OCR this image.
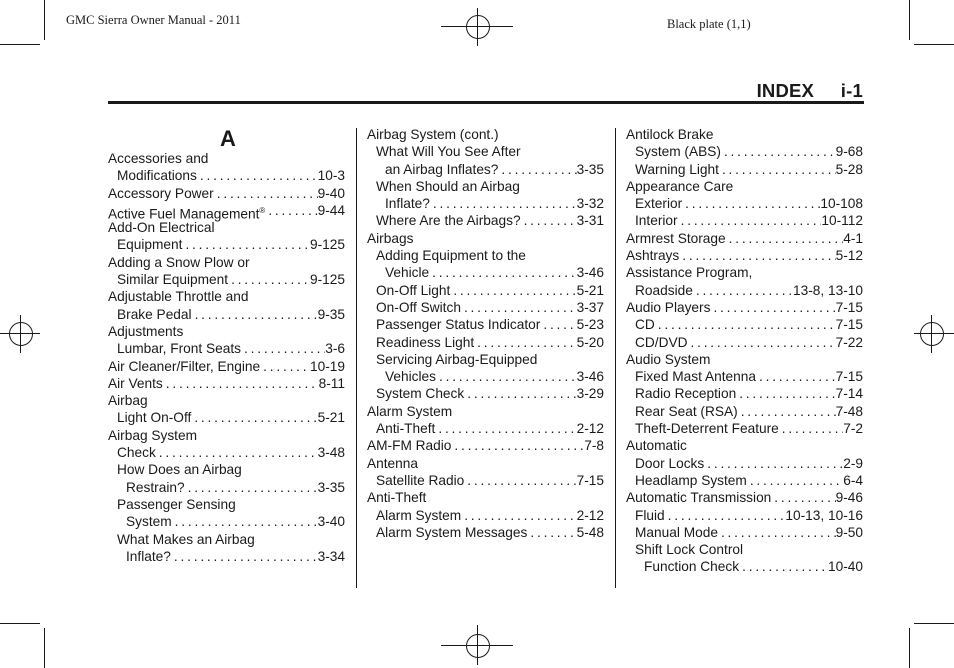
GMC Sierra Owner Manual - 2011	Black plate (1,1)
INDEX     i-1
A
Accessories and
Modifications . . .	10-3
Accessory Power . . .	9-40
Active Fuel Management® . . .	9-44
Add-On Electrical
Equipment . . .	9-125
Adding a Snow Plow or
Similar Equipment . . .	9-125
Adjustable Throttle and
Brake Pedal . . .	9-35
Adjustments
Lumbar, Front Seats . . .	3-6
Air Cleaner/Filter, Engine . . .	10-19
Air Vents . . .	8-11
Airbag
Light On-Off . . .	5-21
Airbag System
Check . . .	3-48
How Does an Airbag
Restrain? . . .	3-35
Passenger Sensing
System . . .	3-40
What Makes an Airbag
Inflate? . . .	3-34
Airbag System (cont.)
What Will You See After
an Airbag Inflates? . . .	3-35
When Should an Airbag
Inflate? . . .	3-32
Where Are the Airbags? . . .	3-31
Airbags
Adding Equipment to the
Vehicle . . .	3-46
On-Off Light . . .	5-21
On-Off Switch . . .	3-37
Passenger Status Indicator . . .	5-23
Readiness Light . . .	5-20
Servicing Airbag-Equipped
Vehicles . . .	3-46
System Check . . .	3-29
Alarm System
Anti-Theft . . .	2-12
AM-FM Radio . . .	7-8
Antenna
Satellite Radio . . .	7-15
Anti-Theft
Alarm System . . .	2-12
Alarm System Messages . . .	5-48
Antilock Brake
System (ABS) . . .	9-68
Warning Light . . .	5-28
Appearance Care
Exterior . . .	10-108
Interior . . .	10-112
Armrest Storage . . .	4-1
Ashtrays . . .	5-12
Assistance Program,
Roadside . . .	13-8, 13-10
Audio Players . . .	7-15
CD . . .	7-15
CD/DVD . . .	7-22
Audio System
Fixed Mast Antenna . . .	7-15
Radio Reception . . .	7-14
Rear Seat (RSA) . . .	7-48
Theft-Deterrent Feature . . .	7-2
Automatic
Door Locks . . .	2-9
Headlamp System . . .	6-4
Automatic Transmission . . .	9-46
Fluid . . .	10-13, 10-16
Manual Mode . . .	9-50
Shift Lock Control
Function Check . . .	10-40
